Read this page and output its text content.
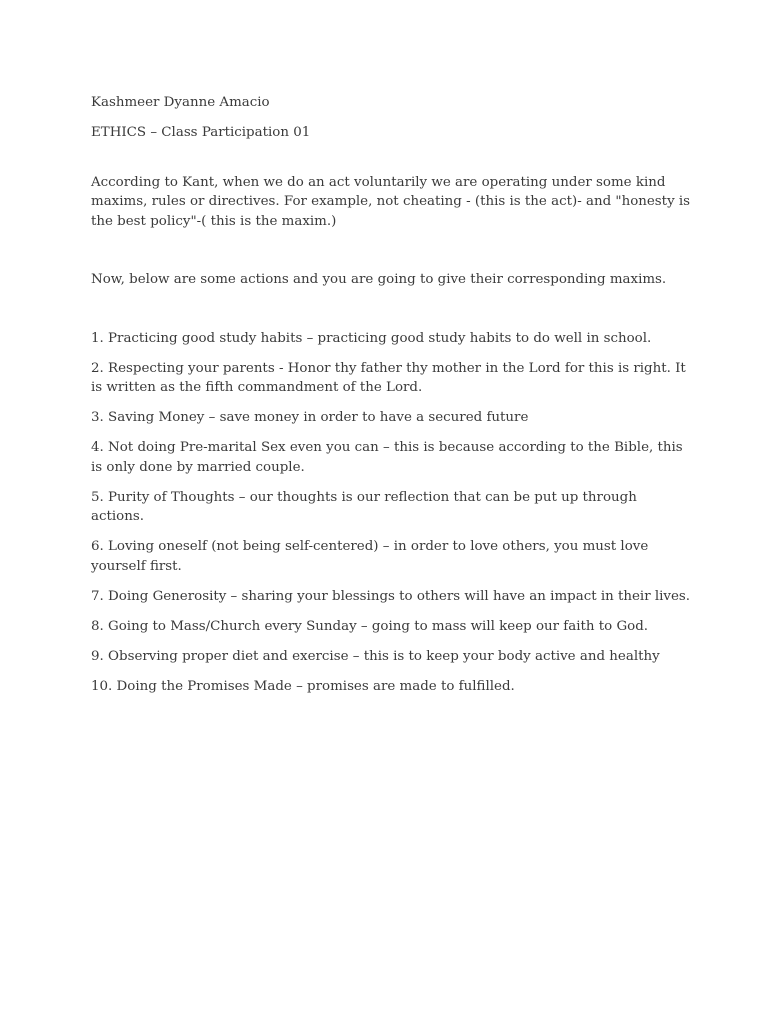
Kashmeer Dyanne Amacio

ETHICS – Class Participation 01

According to Kant, when we do an act voluntarily we are operating under some kind maxims, rules or directives. For example, not cheating - (this is the act)- and "honesty is the best policy"-( this is the maxim.)

Now, below are some actions and you are going to give their corresponding maxims.

1. Practicing good study habits – practicing good study habits to do well in school.

2. Respecting your parents - Honor thy father thy mother in the Lord for this is right. It is written as the fifth commandment of the Lord.

3. Saving Money – save money in order to have a secured future

4. Not doing Pre-marital Sex even you can – this is because according to the Bible, this is only done by married couple.

5. Purity of Thoughts – our thoughts is our reflection that can be put up through actions.

6. Loving oneself (not being self-centered) – in order to love others, you must love yourself first.

7. Doing Generosity – sharing your blessings to others will have an impact in their lives.

8. Going to Mass/Church every Sunday – going to mass will keep our faith to God.

9. Observing proper diet and exercise – this is to keep your body active and healthy

10. Doing the Promises Made – promises are made to fulfilled.
